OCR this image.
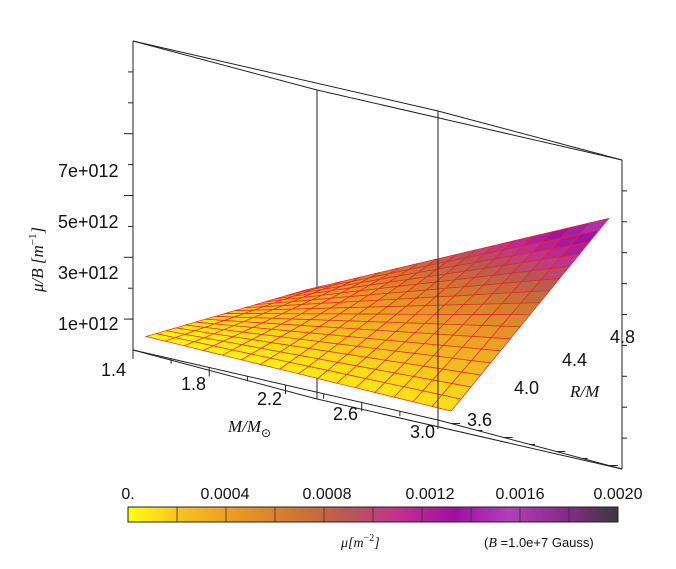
1e+012
3e+012
5e+012
7e+012
1.4
1.8
2.2
2.6
3.0
3.6
4.0
4.4
4.8
$M/M_⊙$
R/M
μ/B $[m^{-1}]$
0.	0.0004	0.0008	0.0012	0.0016	0.0020
$\mu[m^{-2}]$	(B =1.0e+7 Gauss)
